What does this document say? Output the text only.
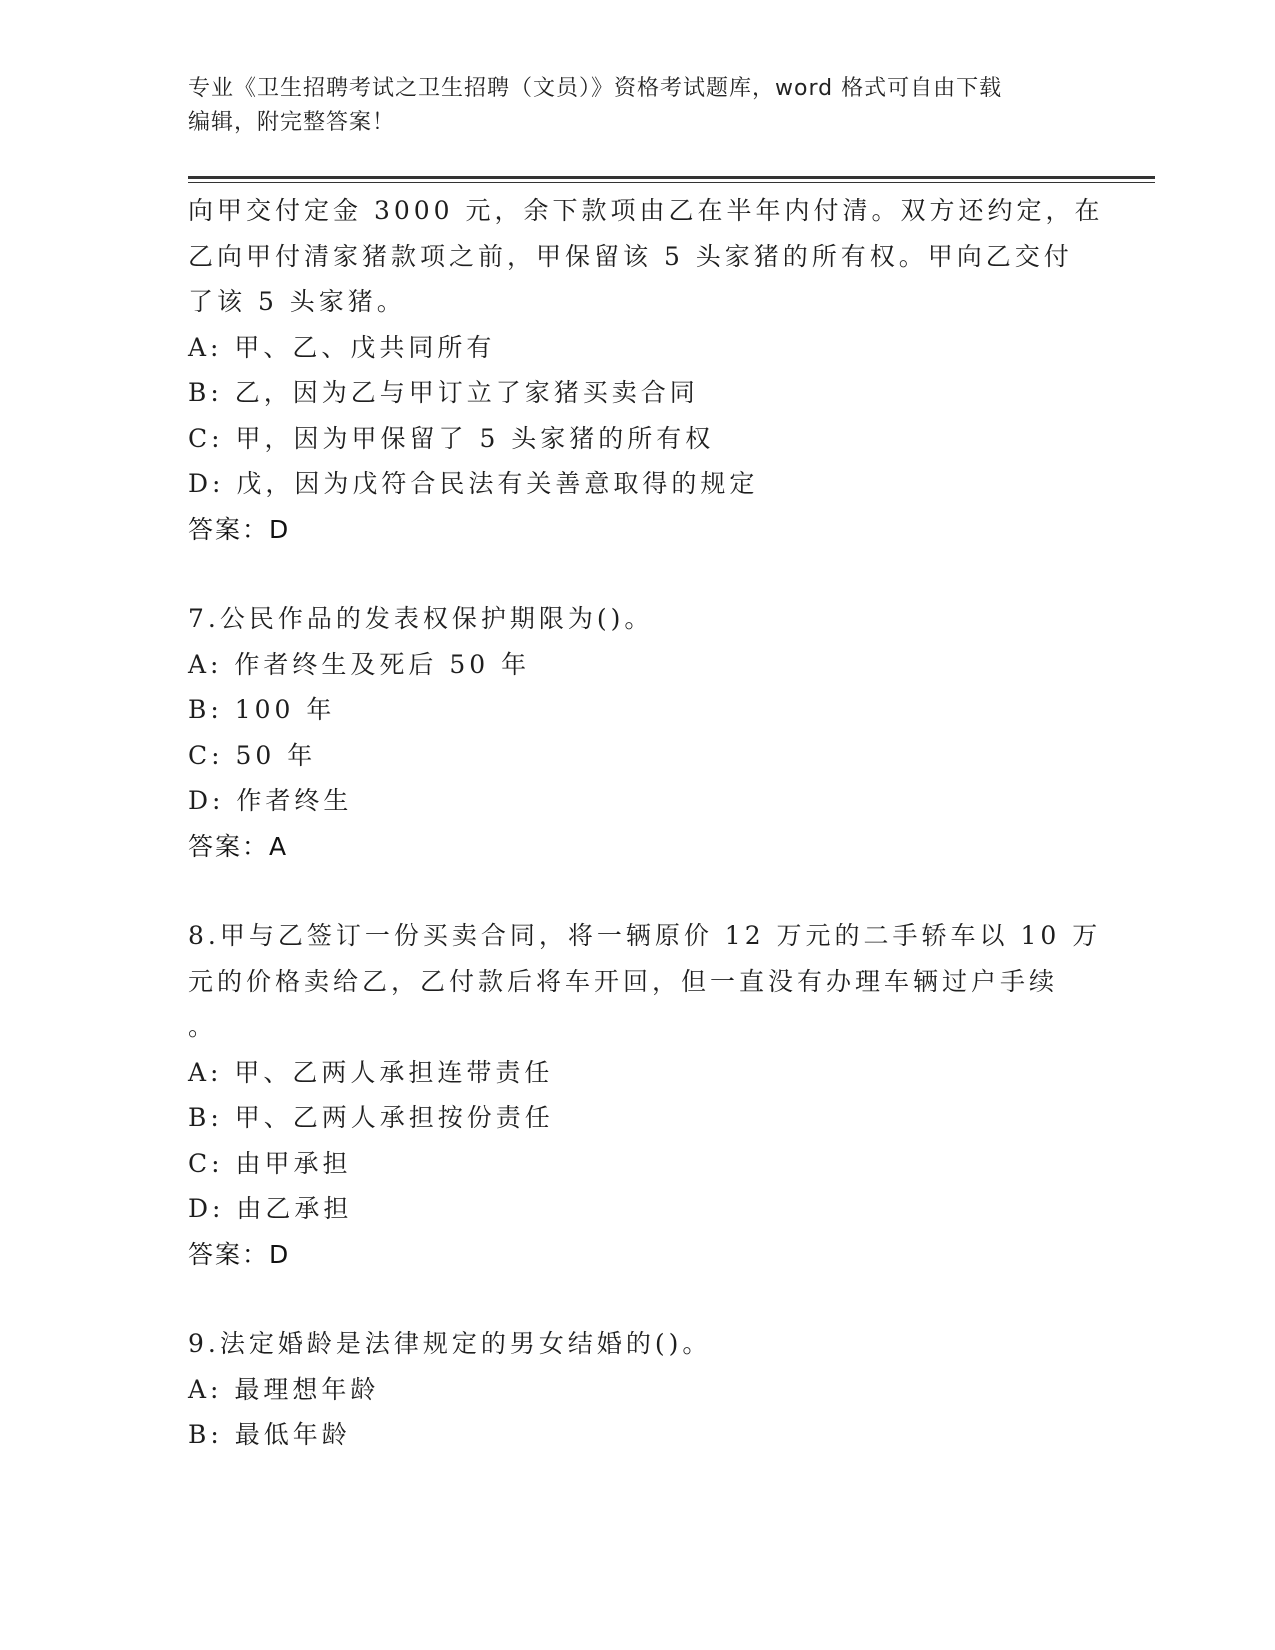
专业《卫生招聘考试之卫生招聘（文员）》资格考试题库，word 格式可自由下载
编辑，附完整答案！
向甲交付定金 3000 元，余下款项由乙在半年内付清。双方还约定，在
乙向甲付清家猪款项之前，甲保留该 5 头家猪的所有权。甲向乙交付
了该 5 头家猪。
A: 甲、乙、戊共同所有
B: 乙，因为乙与甲订立了家猪买卖合同
C: 甲，因为甲保留了 5 头家猪的所有权
D: 戊，因为戊符合民法有关善意取得的规定
答案：D
7.公民作品的发表权保护期限为()。
A: 作者终生及死后 50 年
B: 100 年
C: 50 年
D: 作者终生
答案：A
8.甲与乙签订一份买卖合同，将一辆原价 12 万元的二手轿车以 10 万
元的价格卖给乙，乙付款后将车开回，但一直没有办理车辆过户手续
。
A: 甲、乙两人承担连带责任
B: 甲、乙两人承担按份责任
C: 由甲承担
D: 由乙承担
答案：D
9.法定婚龄是法律规定的男女结婚的()。
A: 最理想年龄
B: 最低年龄
